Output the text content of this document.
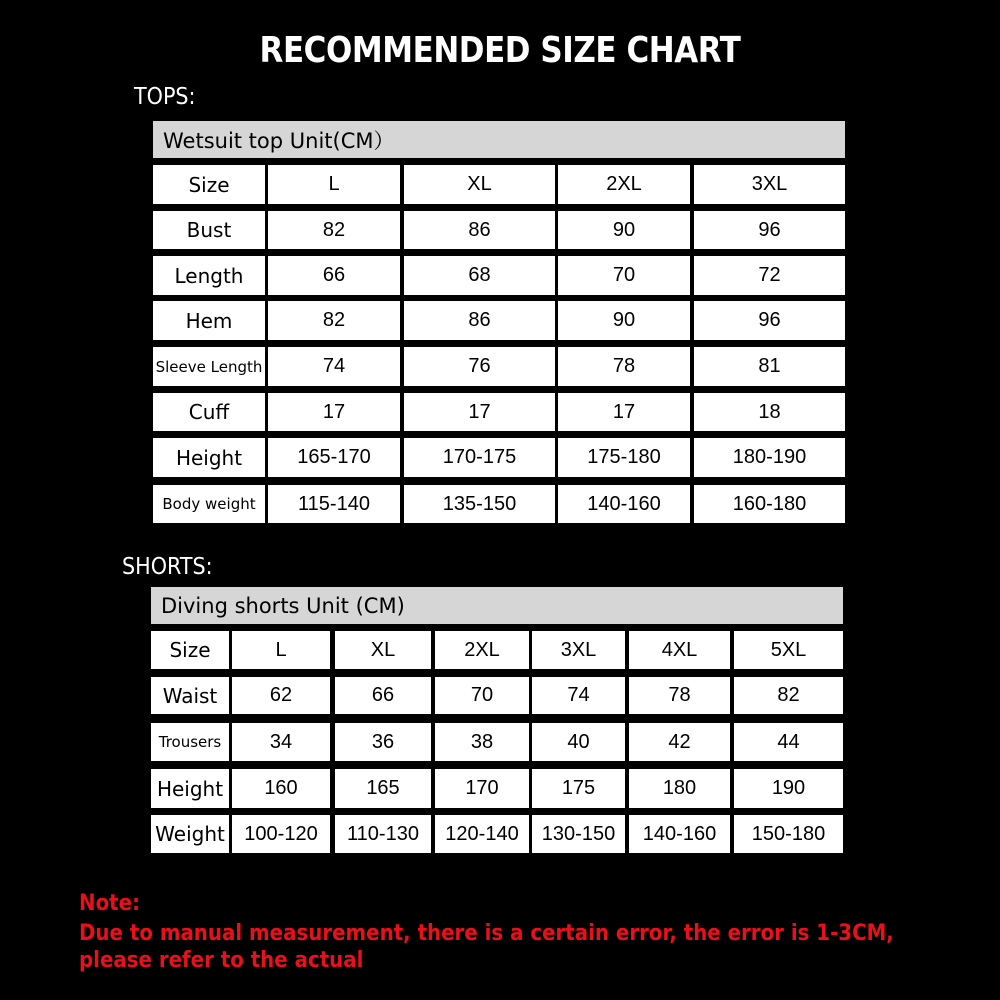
RECOMMENDED SIZE CHART
TOPS:
Wetsuit top Unit(CM）
Size	L	XL	2XL	3XL
Bust	82	86	90	96
Length	66	68	70	72
Hem	82	86	90	96
Sleeve Length	74	76	78	81
Cuff	17	17	17	18
Height	165-170	170-175	175-180	180-190
Body weight	115-140	135-150	140-160	160-180
SHORTS:
Diving shorts Unit (CM)
Size	L	XL	2XL	3XL	4XL	5XL
Waist	62	66	70	74	78	82
Trousers	34	36	38	40	42	44
Height	160	165	170	175	180	190
Weight 100-120	110-130	120-140	130-150	140-160	150-180
Note:
Due to manual measurement, there is a certain error, the error is 1-3CM,
please refer to the actual
